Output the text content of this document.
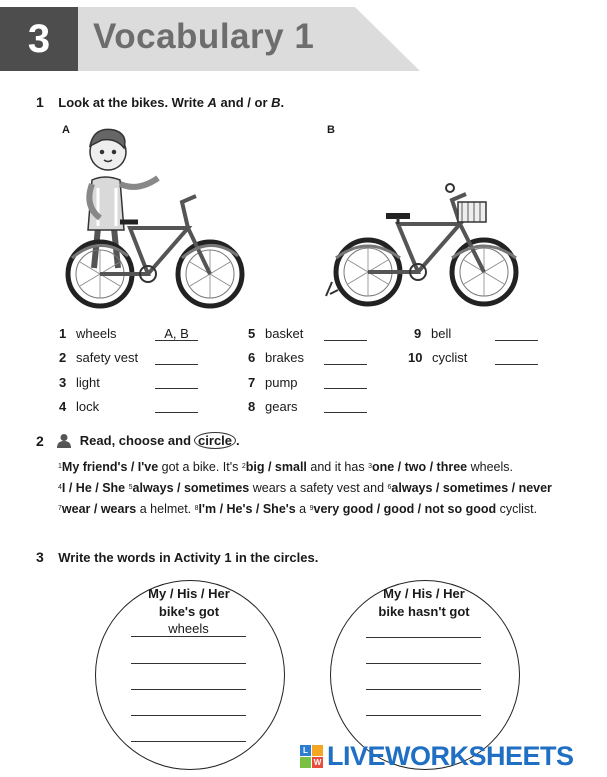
3	Vocabulary 1
1 Look at the bikes. Write A and / or B.
A	B
1 wheels	A, B
2 safety vest
3 light
4 lock
5 basket
6 brakes
7 pump
8 gears
9 bell
10 cyclist
2	Read, choose and circle .
$^1$My friend's / I've got a bike. It's $^2$big / small and it has $^3$one / two / three wheels.
$^4$I / He / She $^5$always / sometimes wears a safety vest and $^6$always / sometimes / never $^7$wear / wears a helmet. $^8$I'm / He's / She's a $^9$very good / good / not so good cyclist.
3 Write the words in Activity 1 in the circles.
My / His / Her
bike's got
wheels
My / His / Her
bike hasn't got
L
W LIVEWORKSHEETS
